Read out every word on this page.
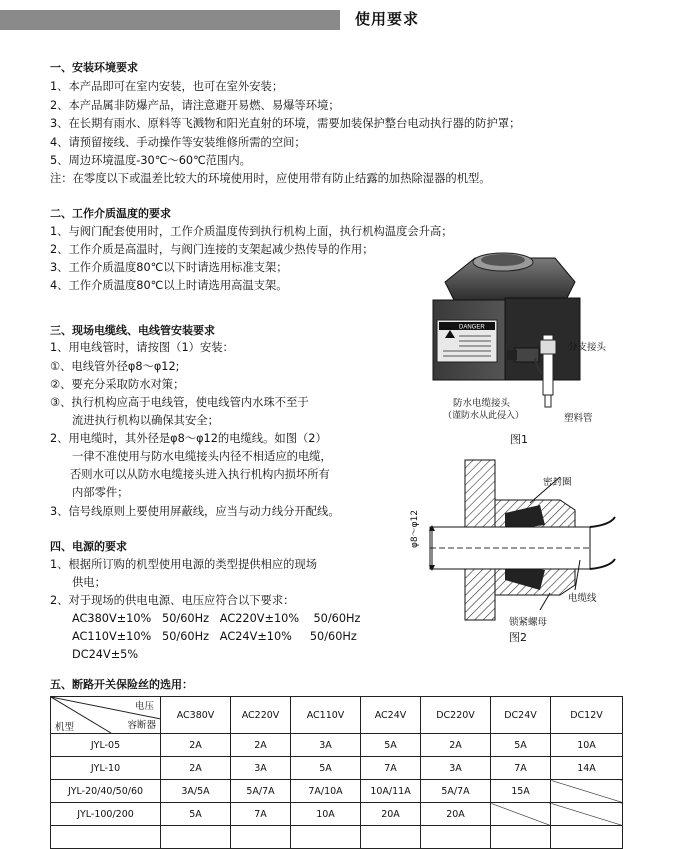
使用要求
一、安装环境要求
1、本产品即可在室内安装，也可在室外安装；
2、本产品属非防爆产品，请注意避开易燃、易爆等环境；
3、在长期有雨水、原料等飞溅物和阳光直射的环境，需要加装保护整台电动执行器的防护罩；
4、请预留接线、手动操作等安装维修所需的空间；
5、周边环境温度-30℃～60℃范围内。
注：在零度以下或温差比较大的环境使用时，应使用带有防止结露的加热除湿器的机型。
二、工作介质温度的要求
1、与阀门配套使用时，工作介质温度传到执行机构上面，执行机构温度会升高；
2、工作介质是高温时，与阀门连接的支架起减少热传导的作用；
3、工作介质温度80℃以下时请选用标准支架；
4、工作介质温度80℃以上时请选用高温支架。
三、现场电缆线、电线管安装要求
1、用电线管时，请按图（1）安装：
①、电线管外径φ8～φ12;
②、要充分采取防水对策；
③、执行机构应高于电线管，使电线管内水珠不至于
流进执行机构以确保其安全；
2、用电缆时，其外径是φ8～φ12的电缆线。如图（2）
一律不准使用与防水电缆接头内径不相适应的电缆，
否则水可以从防水电缆接头进入执行机构内损坏所有
内部零件；
3、信号线原则上要使用屏蔽线，应当与动力线分开配线。
四、电源的要求
1、根据所订购的机型使用电源的类型提供相应的现场
供电；
2、对于现场的供电电源、电压应符合以下要求：
AC380V±10%   50/60Hz   AC220V±10%    50/60Hz
AC110V±10%   50/60Hz   AC24V±10%     50/60Hz
DC24V±5%
五、断路开关保险丝的选用：
DANGER
分支接头
防水电缆接头
（谨防水从此侵入）	塑料管
图1
密封圈
φ8～φ12
电缆线
锁紧螺母
图2
电压
容断器
机型	AC380V	AC220V	AC110V	AC24V	DC220V	DC24V	DC12V
JYL-05	2A	2A	3A	5A	2A	5A	10A
JYL-10	2A	3A	5A	7A	3A	7A	14A
JYL-20/40/50/60	3A/5A	5A/7A	7A/10A	10A/11A	5A/7A	15A	
JYL-100/200	5A	7A	10A	20A	20A		
